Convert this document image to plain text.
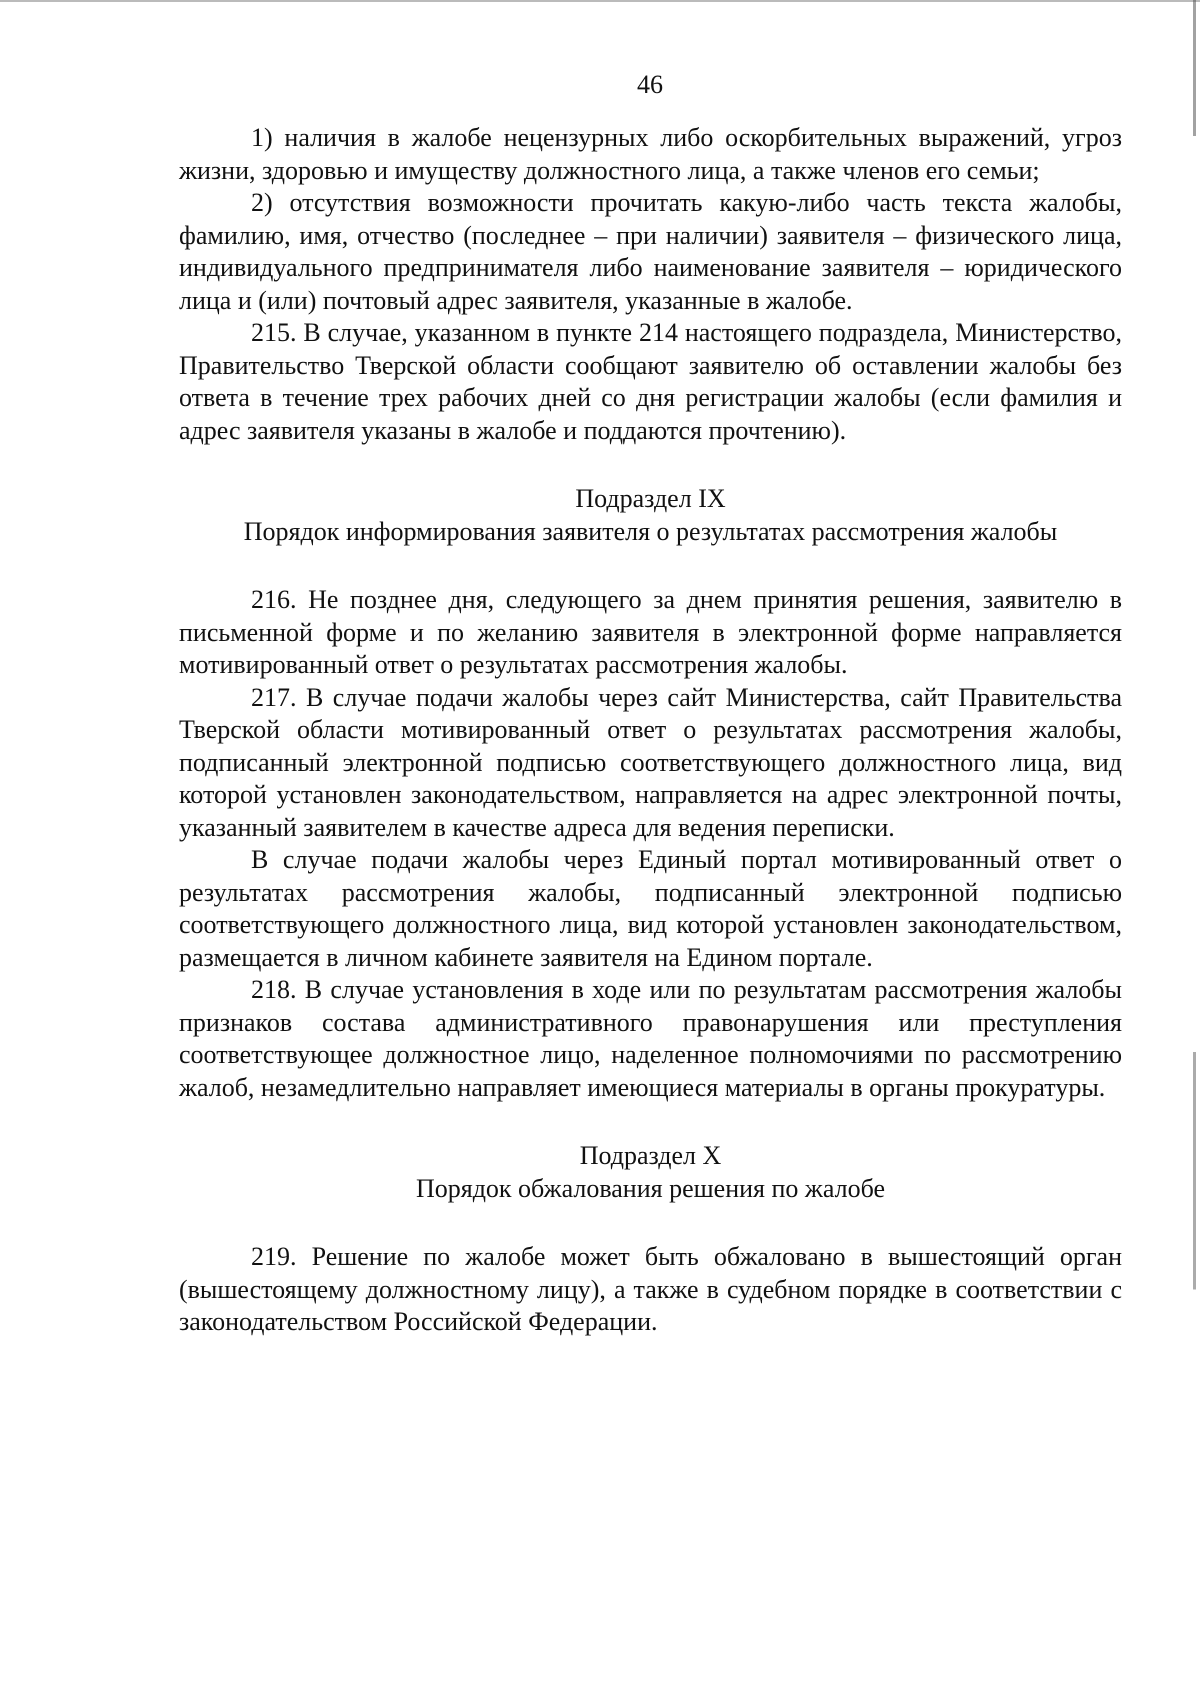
46

1) наличия в жалобе нецензурных либо оскорбительных выражений, угроз жизни, здоровью и имуществу должностного лица, а также членов его семьи;

2) отсутствия возможности прочитать какую-либо часть текста жалобы, фамилию, имя, отчество (последнее – при наличии) заявителя – физического лица, индивидуального предпринимателя либо наименование заявителя – юридического лица и (или) почтовый адрес заявителя, указанные в жалобе.

215. В случае, указанном в пункте 214 настоящего подраздела, Министерство, Правительство Тверской области сообщают заявителю об оставлении жалобы без ответа в течение трех рабочих дней со дня регистрации жалобы (если фамилия и адрес заявителя указаны в жалобе и поддаются прочтению).

Подраздел IX

Порядок информирования заявителя о результатах рассмотрения жалобы

216. Не позднее дня, следующего за днем принятия решения, заявителю в письменной форме и по желанию заявителя в электронной форме направляется мотивированный ответ о результатах рассмотрения жалобы.

217. В случае подачи жалобы через сайт Министерства, сайт Правительства Тверской области мотивированный ответ о результатах рассмотрения жалобы, подписанный электронной подписью соответствующего должностного лица, вид которой установлен законодательством, направляется на адрес электронной почты, указанный заявителем в качестве адреса для ведения переписки.

В случае подачи жалобы через Единый портал мотивированный ответ о результатах рассмотрения жалобы, подписанный электронной подписью соответствующего должностного лица, вид которой установлен законодательством, размещается в личном кабинете заявителя на Едином портале.

218. В случае установления в ходе или по результатам рассмотрения жалобы признаков состава административного правонарушения или преступления соответствующее должностное лицо, наделенное полномочиями по рассмотрению жалоб, незамедлительно направляет имеющиеся материалы в органы прокуратуры.

Подраздел X

Порядок обжалования решения по жалобе

219. Решение по жалобе может быть обжаловано в вышестоящий орган (вышестоящему должностному лицу), а также в судебном порядке в соответствии с законодательством Российской Федерации.
